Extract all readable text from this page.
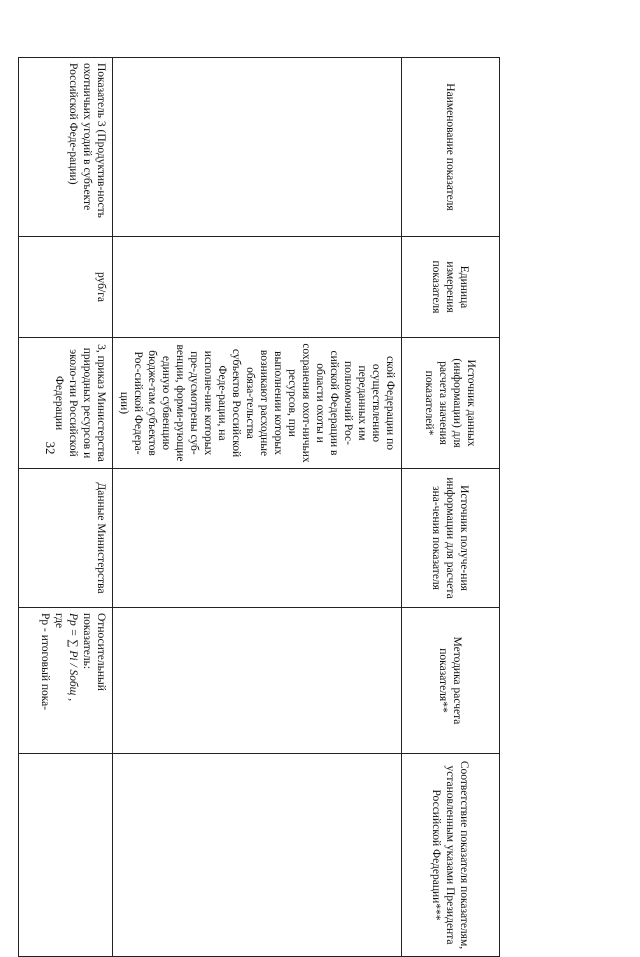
32
Наименование показателя	Единица измерения показателя	Источник данных (информации) для расчета значения показателей*	Источник получе-ния информации для расчета зна-чения показателя	Методика расчета показателя**	Соответствие показателя показателям, установленным указами Президента Российской Федерации***
		ской Федерации по осуществлению переданных им полномочий Рос-сийской Федерации в области охоты и сохранения охот-ничьих ресурсов, при выполнении которых возникают расходные обяза-тельства субъектов Российской Феде-рации, на исполне-ние которых пре-дусмотрены суб-венции, форми-рующие единую субвенцию бюдже-там субъектов Рос-сийской Федера-ции)			
Показатель 3 (Продуктив-ность охотничьих угодий в субъекте Российской Феде-рации)	руб/га	3, приказ Министерства природных ресурсов и эколо-гии Российской Федерации	Данные Министерства	Относительный показатель:
Pр = ∑ Pi / Sобщ ,
где
Pр - итоговый пока-	
